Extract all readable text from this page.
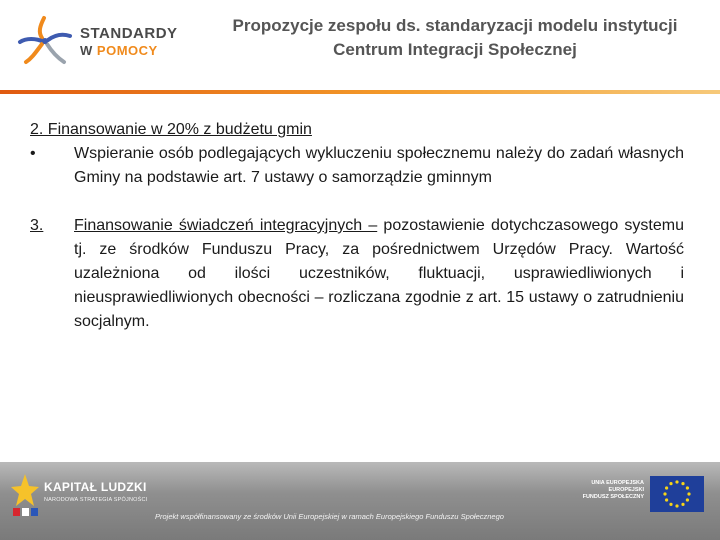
STANDARDY
W POMOCY
Propozycje zespołu ds. standaryzacji modelu instytucji
Centrum Integracji Społecznej
2. Finansowanie w 20% z budżetu gmin
•	Wspieranie osób podlegających wykluczeniu społecznemu należy do zadań własnych Gminy na podstawie art. 7 ustawy o samorządzie gminnym
3.	Finansowanie świadczeń integracyjnych – pozostawienie dotychczasowego systemu tj. ze środków Funduszu Pracy, za pośrednictwem Urzędów Pracy. Wartość uzależniona od ilości uczestników, fluktuacji, usprawiedliwionych i nieusprawiedliwionych obecności – rozliczana zgodnie z art. 15 ustawy o zatrudnieniu socjalnym.
KAPITAŁ LUDZKI
NARODOWA STRATEGIA SPÓJNOŚCI
Projekt współfinansowany ze środków Unii Europejskiej w ramach Europejskiego Funduszu Społecznego
UNIA EUROPEJSKA
EUROPEJSKI
FUNDUSZ SPOŁECZNY
